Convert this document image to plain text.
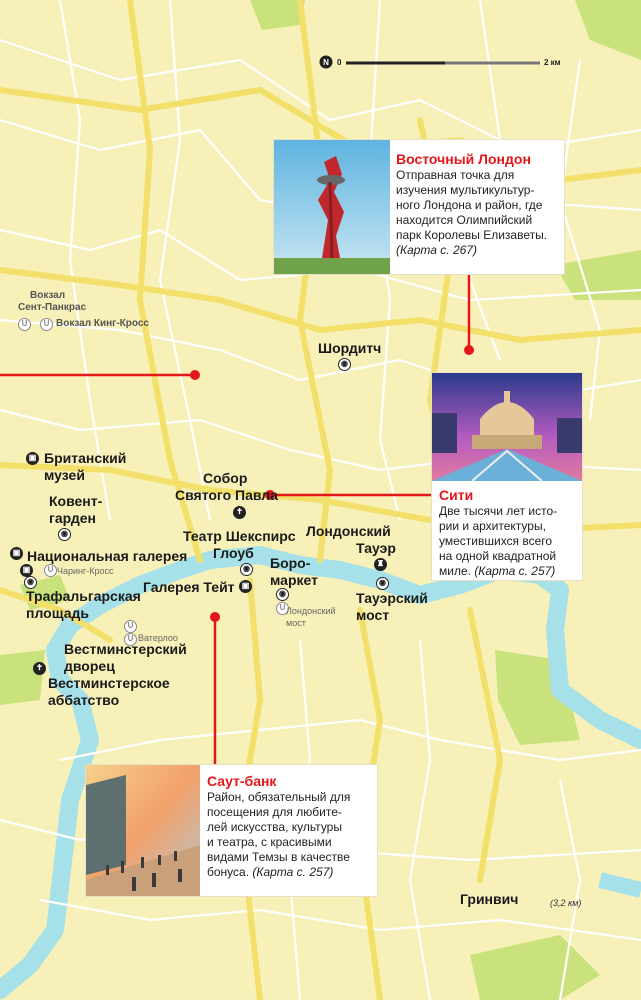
N 0	2 км
Вокзал
Сент-Панкрас
U	U Вокзал Кинг-Кросс
Шордитч
◉
▣ Британский
музей
Ковент-
гарден
◉
Собор
Святого Павла
✝
Театр Шекспирс
Глоуб
◉
Лондонский
Тауэр
♜
▣ Национальная галерея
▣	U Чаринг-Кросс
◉
Трафальгарская
площадь
Галерея Тейт ▣
Боро-
маркет
◉
U Лондонский
мост
◉
Тауэрский
мост
U
U Ватерлоо
Вестминстерский
дворец
✝
Вестминстерское
аббатство
Гринвич	(3,2 км)
Восточный Лондон
Отправная точка для
изучения мультикультур-
ного Лондона и район, где
находится Олимпийский
парк Королевы Елизаветы.
(Карта с. 267)
Сити
Две тысячи лет исто-
рии и архитектуры,
уместившихся всего
на одной квадратной
миле. (Карта с. 257)
Саут-банк
Район, обязательный для
посещения для любите-
лей искусства, культуры
и театра, с красивыми
видами Темзы в качестве
бонуса. (Карта с. 257)
